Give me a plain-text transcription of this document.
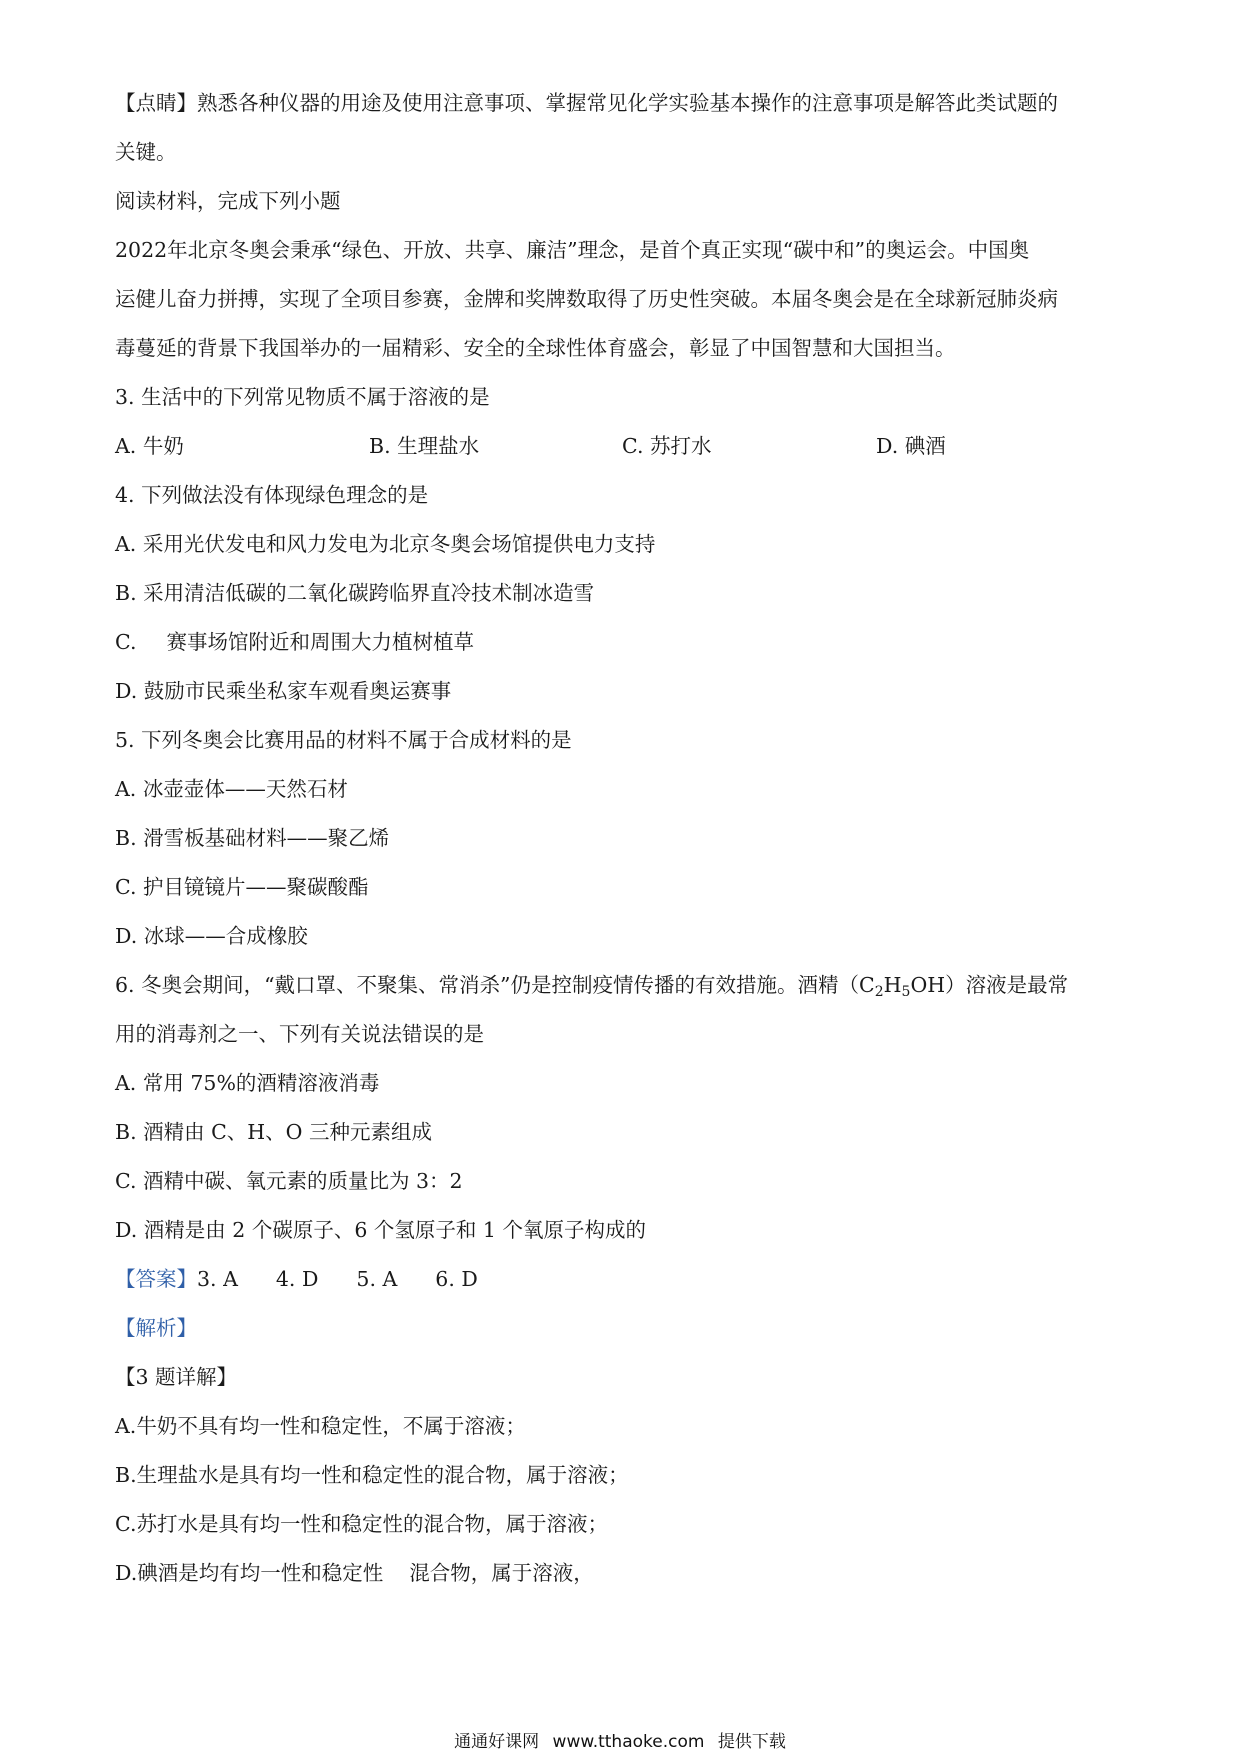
【点睛】熟悉各种仪器的用途及使用注意事项、掌握常见化学实验基本操作的注意事项是解答此类试题的
关键。
阅读材料，完成下列小题
2022年北京冬奥会秉承“绿色、开放、共享、廉洁”理念，是首个真正实现“碳中和”的奥运会。中国奥
运健儿奋力拼搏，实现了全项目参赛，金牌和奖牌数取得了历史性突破。本届冬奥会是在全球新冠肺炎病
毒蔓延的背景下我国举办的一届精彩、安全的全球性体育盛会，彰显了中国智慧和大国担当。
3. 生活中的下列常见物质不属于溶液的是
A. 牛奶	B. 生理盐水	C. 苏打水	D. 碘酒
4. 下列做法没有体现绿色理念的是
A. 采用光伏发电和风力发电为北京冬奥会场馆提供电力支持
B. 采用清洁低碳的二氧化碳跨临界直冷技术制冰造雪
C. 赛事场馆附近和周围大力植树植草
D. 鼓励市民乘坐私家车观看奥运赛事
5. 下列冬奥会比赛用品的材料不属于合成材料的是
A. 冰壶壶体——天然石材
B. 滑雪板基础材料——聚乙烯
C. 护目镜镜片——聚碳酸酯
D. 冰球——合成橡胶
6. 冬奥会期间，“戴口罩、不聚集、常消杀”仍是控制疫情传播的有效措施。酒精$(C_2H_5OH)$溶液是最常
用的消毒剂之一、下列有关说法错误的是
A. 常用 75%的酒精溶液消毒
B. 酒精由 C、H、O 三种元素组成
C. 酒精中碳、氧元素的质量比为 3：2
D. 酒精是由 2 个碳原子、6 个氢原子和 1 个氧原子构成的
【答案】3. A 4. D 5. A 6. D
【解析】
【3 题详解】
A.牛奶不具有均一性和稳定性，不属于溶液；
B.生理盐水是具有均一性和稳定性的混合物，属于溶液；
C.苏打水是具有均一性和稳定性的混合物，属于溶液；
D.碘酒是均有均一性和稳定性 混合物，属于溶液，
通通好课网 www.tthaoke.com 提供下载
